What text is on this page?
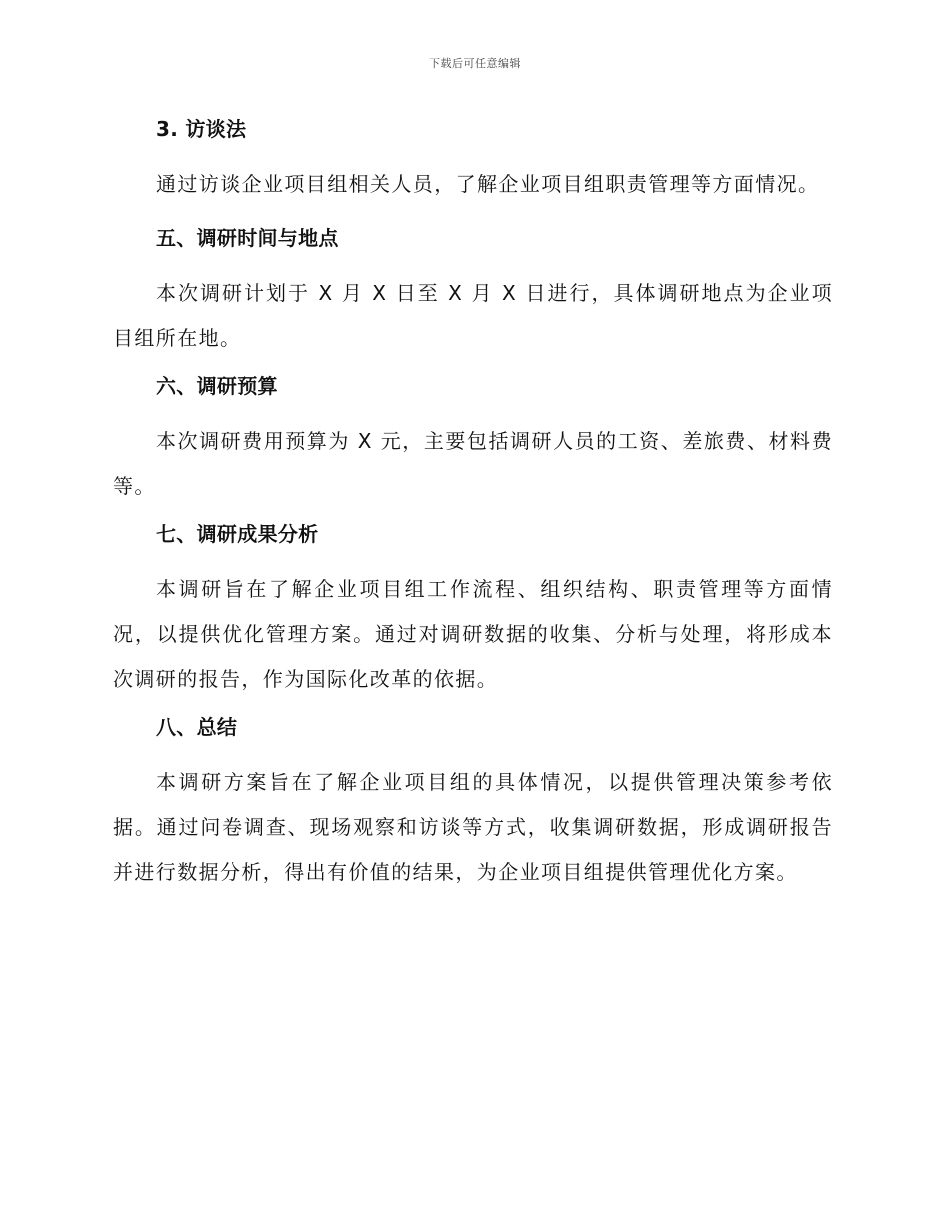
下载后可任意编辑
3. 访谈法

通过访谈企业项目组相关人员，了解企业项目组职责管理等方面情况。

五、调研时间与地点

本次调研计划于 X 月 X 日至 X 月 X 日进行，具体调研地点为企业项目组所在地。

六、调研预算

本次调研费用预算为 X 元，主要包括调研人员的工资、差旅费、材料费等。

七、调研成果分析

本调研旨在了解企业项目组工作流程、组织结构、职责管理等方面情况，以提供优化管理方案。通过对调研数据的收集、分析与处理，将形成本次调研的报告，作为国际化改革的依据。

八、总结

本调研方案旨在了解企业项目组的具体情况，以提供管理决策参考依据。通过问卷调查、现场观察和访谈等方式，收集调研数据，形成调研报告并进行数据分析，得出有价值的结果，为企业项目组提供管理优化方案。
